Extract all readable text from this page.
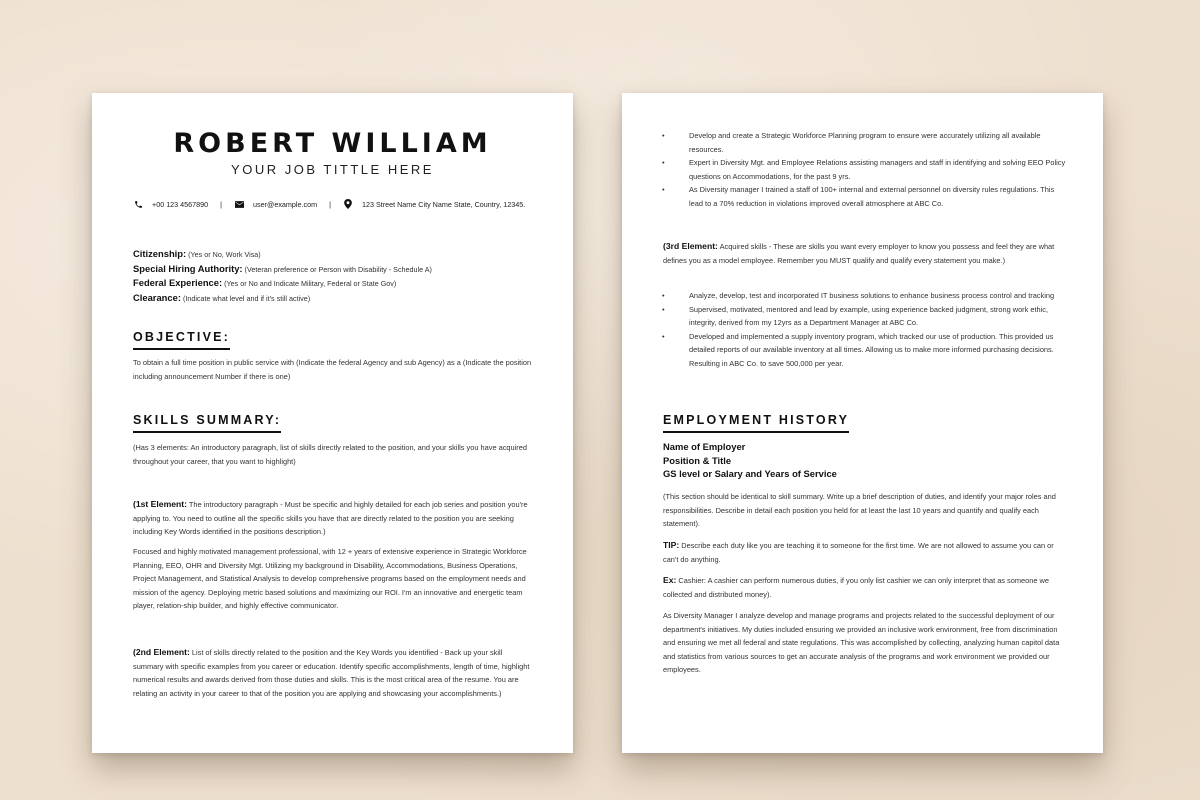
ROBERT WILLIAM
YOUR JOB TITTLE HERE
+00 123 4567890 |	user@example.com |	123 Street Name City Name State, Country, 12345.
Citizenship: (Yes or No, Work Visa)
Special Hiring Authority: (Veteran preference or Person with Disability - Schedule A)
Federal Experience: (Yes or No and Indicate Military, Federal or State Gov)
Clearance: (Indicate what level and if it's still active)
OBJECTIVE:
To obtain a full time position in public service with (Indicate the federal Agency and sub Agency) as a (Indicate the position including announcement Number if there is one)
SKILLS SUMMARY:
(Has 3 elements: An introductory paragraph, list of skills directly related to the position, and your skills you have acquired throughout your career, that you want to highlight)
(1st Element: The introductory paragraph - Must be specific and highly detailed for each job series and position you're applying to. You need to outline all the specific skills you have that are directly related to the position you are seeking including Key Words identified in the positions description.)
Focused and highly motivated management professional, with 12 + years of extensive experience in Strategic Workforce Planning, EEO, OHR and Diversity Mgt. Utilizing my background in Disability, Accommodations, Business Operations, Project Management, and Statistical Analysis to develop comprehensive programs based on the employment needs and mission of the agency. Deploying metric based solutions and maximizing our ROI. I'm an innovative and energetic team player, relation-ship builder, and highly effective communicator.
(2nd Element: List of skills directly related to the position and the Key Words you identified - Back up your skill summary with specific examples from you career or education. Identify specific accomplishments, length of time, highlight numerical results and awards derived from those duties and skills. This is the most critical area of the resume. You are relating an activity in your career to that of the position you are applying and showcasing your accomplishments.)
• Develop and create a Strategic Workforce Planning program to ensure were accurately utilizing all available resources.
• Expert in Diversity Mgt. and Employee Relations assisting managers and staff in identifying and solving EEO Policy questions on Accommodations, for the past 9 yrs.
• As Diversity manager I trained a staff of 100+ internal and external personnel on diversity rules regulations. This lead to a 70% reduction in violations improved overall atmosphere at ABC Co.
(3rd Element: Acquired skills - These are skills you want every employer to know you possess and feel they are what defines you as a model employee. Remember you MUST qualify and qualify every statement you make.)
• Analyze, develop, test and incorporated IT business solutions to enhance business process control and tracking
• Supervised, motivated, mentored and lead by example, using experience backed judgment, strong work ethic, integrity, derived from my 12yrs as a Department Manager at ABC Co.
• Developed and implemented a supply inventory program, which tracked our use of production. This provided us detailed reports of our available inventory at all times. Allowing us to make more informed purchasing decisions. Resulting in ABC Co. to save 500,000 per year.
EMPLOYMENT HISTORY
Name of Employer
Position & Title
GS level or Salary and Years of Service
(This section should be identical to skill summary. Write up a brief description of duties, and identify your major roles and responsibilities. Describe in detail each position you held for at least the last 10 years and quantify and qualify each statement).
TIP: Describe each duty like you are teaching it to someone for the first time. We are not allowed to assume you can or can't do anything.
Ex: Cashier: A cashier can perform numerous duties, if you only list cashier we can only interpret that as someone we collected and distributed money).
As Diversity Manager I analyze develop and manage programs and projects related to the successful deployment of our department's initiatives. My duties included ensuring we provided an inclusive work environment, free from discrimination and ensuring we met all federal and state regulations. This was accomplished by collecting, analyzing human capitol data and statistics from various sources to get an accurate analysis of the programs and work environment we provided our employees.
